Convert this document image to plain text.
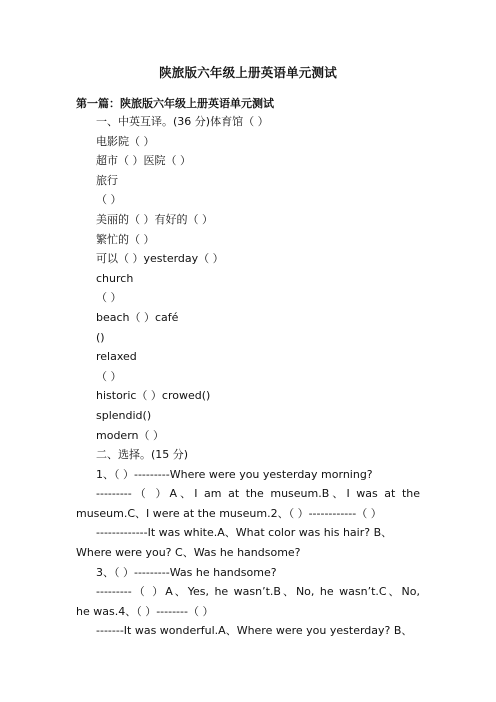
陕旅版六年级上册英语单元测试
第一篇：陕旅版六年级上册英语单元测试
一、中英互译。(36 分)体育馆（ ）
电影院（ ）
超市（ ）医院（ ）
旅行
（ ）
美丽的（ ）有好的（ ）
繁忙的（ ）
可以（ ）yesterday（ ）
church
（ ）
beach（ ）café
()
relaxed
（ ）
historic（ ）crowed()
splendid()
modern（ ）
二、选择。(15 分)
1、（ ）---------Where were you yesterday morning?
---------（ ）A、I am at the museum.B、I was at the
museum.C、I were at the museum.2、（ ）------------（ ）
-------------It was white.A、What color was his hair? B、
Where were you? C、Was he handsome?
3、（ ）---------Was he handsome?
---------（ ）A、Yes, he wasn’t.B、No, he wasn’t.C、No,
he was.4、（ ）--------（ ）
-------It was wonderful.A、Where were you yesterday? B、
